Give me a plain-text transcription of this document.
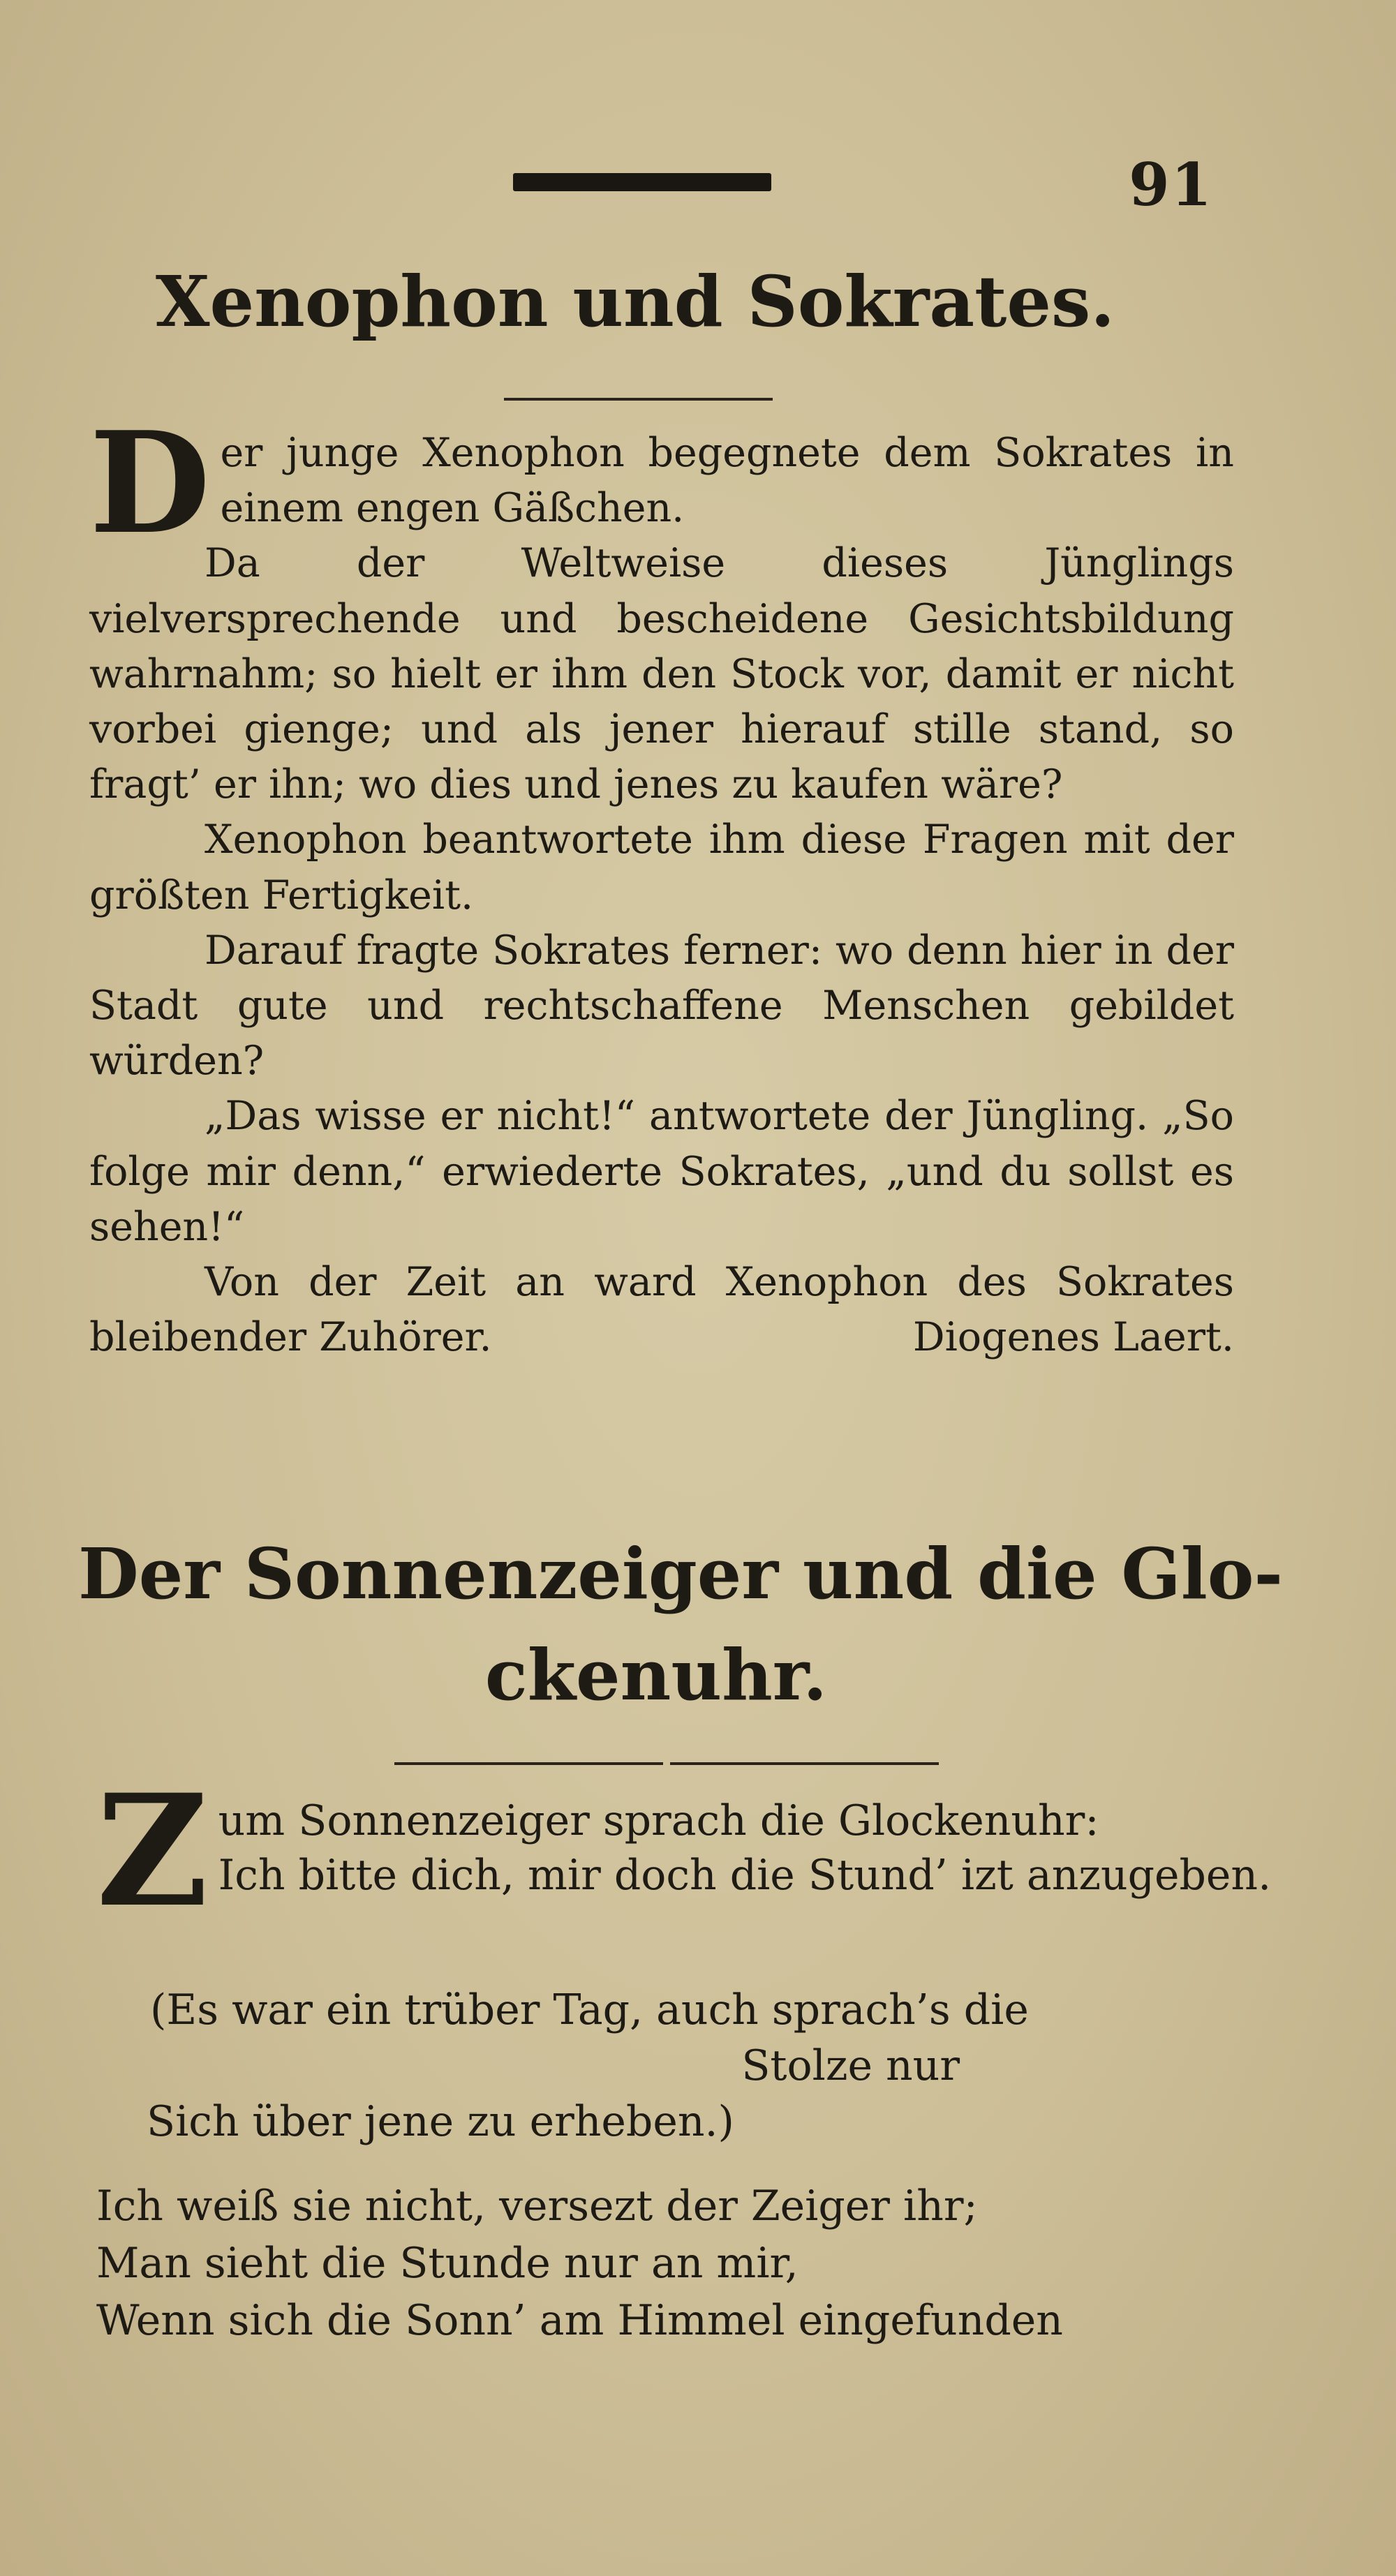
91
Xenophon und Sokrates.

Der junge Xenophon begegnete dem Sokrates in einem engen Gäßchen.

Da der Weltweise dieses Jünglings vielversprechende und bescheidene Gesichtsbildung wahrnahm; so hielt er ihm den Stock vor, damit er nicht vorbei gienge; und als jener hierauf stille stand, so fragt’ er ihn; wo dies und jenes zu kaufen wäre?

Xenophon beantwortete ihm diese Fragen mit der größten Fertigkeit.

Darauf fragte Sokrates ferner: wo denn hier in der Stadt gute und rechtschaffene Menschen gebildet würden?

„Das wisse er nicht!“ antwortete der Jüngling. „So folge mir denn,“ erwiederte Sokrates, „und du sollst es sehen!“

Von der Zeit an ward Xenophon des Sokrates bleibender Zuhörer.	Diogenes Laert.

Der Sonnenzeiger und die Glo-
ckenuhr.
Z um Sonnenzeiger sprach die Glockenuhr:
Ich bitte dich, mir doch die Stund’ izt anzugeben.
(Es war ein trüber Tag, auch sprach’s die
Stolze nur
Sich über jene zu erheben.)
Ich weiß sie nicht, versezt der Zeiger ihr;
Man sieht die Stunde nur an mir,
Wenn sich die Sonn’ am Himmel eingefunden
